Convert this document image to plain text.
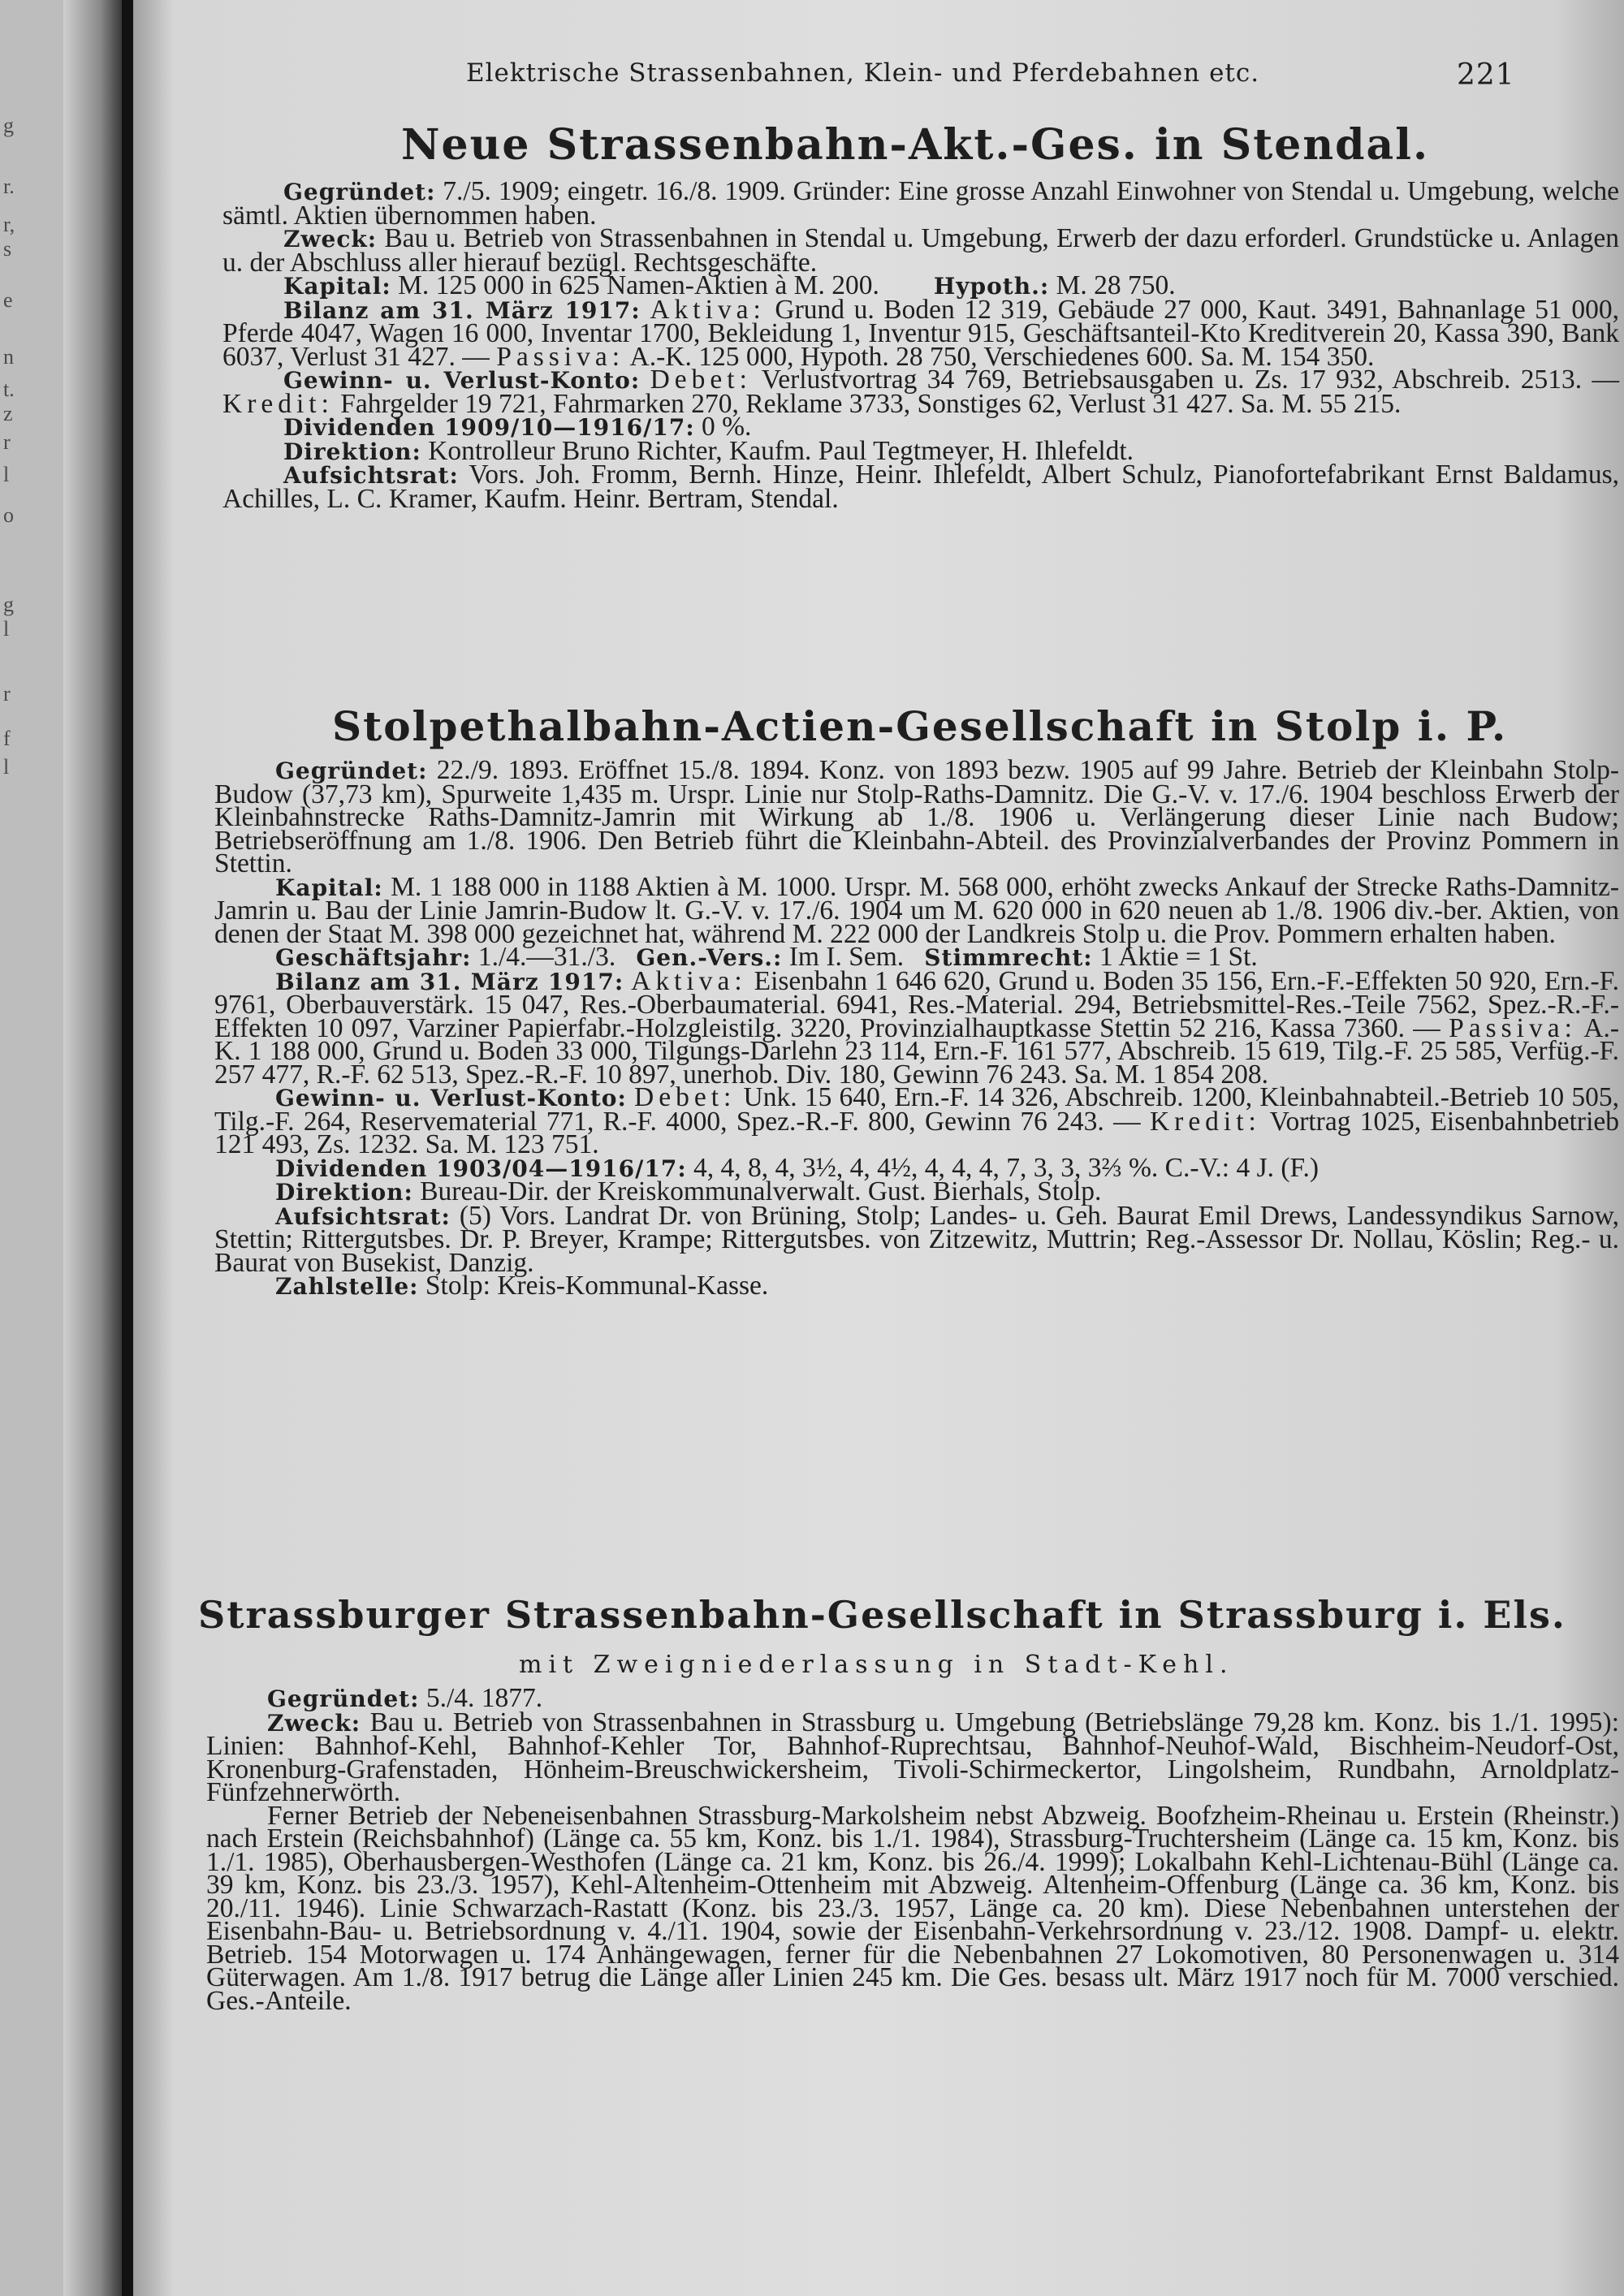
g
r.
r,
s
e
n
t.
z
r
l
o
g
l
r
f
l
Elektrische Strassenbahnen, Klein- und Pferdebahnen etc.	221
Neue Strassenbahn-Akt.-Ges. in Stendal.

Gegründet: 7./5. 1909; eingetr. 16./8. 1909. Gründer: Eine grosse Anzahl Einwohner von Stendal u. Umgebung, welche sämtl. Aktien übernommen haben.

Zweck: Bau u. Betrieb von Strassenbahnen in Stendal u. Umgebung, Erwerb der dazu erforderl. Grundstücke u. Anlagen u. der Abschluss aller hierauf bezügl. Rechtsgeschäfte.

Kapital: M. 125 000 in 625 Namen-Aktien à M. 200. Hypoth.: M. 28 750.

Bilanz am 31. März 1917: Aktiva: Grund u. Boden 12 319, Gebäude 27 000, Kaut. 3491, Bahnanlage 51 000, Pferde 4047, Wagen 16 000, Inventar 1700, Bekleidung 1, Inventur 915, Geschäftsanteil-Kto Kreditverein 20, Kassa 390, Bank 6037, Verlust 31 427. — Passiva: A.-K. 125 000, Hypoth. 28 750, Verschiedenes 600. Sa. M. 154 350.

Gewinn- u. Verlust-Konto: Debet: Verlustvortrag 34 769, Betriebsausgaben u. Zs. 17 932, Abschreib. 2513. — Kredit: Fahrgelder 19 721, Fahrmarken 270, Reklame 3733, Sonstiges 62, Verlust 31 427. Sa. M. 55 215.

Dividenden 1909/10—1916/17: 0 %.

Direktion: Kontrolleur Bruno Richter, Kaufm. Paul Tegtmeyer, H. Ihlefeldt.

Aufsichtsrat: Vors. Joh. Fromm, Bernh. Hinze, Heinr. Ihlefeldt, Albert Schulz, Pianofortefabrikant Ernst Baldamus, Achilles, L. C. Kramer, Kaufm. Heinr. Bertram, Stendal.

Stolpethalbahn-Actien-Gesellschaft in Stolp i. P.

Gegründet: 22./9. 1893. Eröffnet 15./8. 1894. Konz. von 1893 bezw. 1905 auf 99 Jahre. Betrieb der Kleinbahn Stolp-Budow (37,73 km), Spurweite 1,435 m. Urspr. Linie nur Stolp-Raths-Damnitz. Die G.-V. v. 17./6. 1904 beschloss Erwerb der Kleinbahnstrecke Raths-Damnitz-Jamrin mit Wirkung ab 1./8. 1906 u. Verlängerung dieser Linie nach Budow; Betriebseröffnung am 1./8. 1906. Den Betrieb führt die Kleinbahn-Abteil. des Provinzialverbandes der Provinz Pommern in Stettin.

Kapital: M. 1 188 000 in 1188 Aktien à M. 1000. Urspr. M. 568 000, erhöht zwecks Ankauf der Strecke Raths-Damnitz-Jamrin u. Bau der Linie Jamrin-Budow lt. G.-V. v. 17./6. 1904 um M. 620 000 in 620 neuen ab 1./8. 1906 div.-ber. Aktien, von denen der Staat M. 398 000 gezeichnet hat, während M. 222 000 der Landkreis Stolp u. die Prov. Pommern erhalten haben.

Geschäftsjahr: 1./4.—31./3. Gen.-Vers.: Im I. Sem. Stimmrecht: 1 Aktie = 1 St.

Bilanz am 31. März 1917: Aktiva: Eisenbahn 1 646 620, Grund u. Boden 35 156, Ern.-F.-Effekten 50 920, Ern.-F. 9761, Oberbauverstärk. 15 047, Res.-Oberbaumaterial. 6941, Res.-Material. 294, Betriebsmittel-Res.-Teile 7562, Spez.-R.-F.-Effekten 10 097, Varziner Papierfabr.-Holzgleistilg. 3220, Provinzialhauptkasse Stettin 52 216, Kassa 7360. — Passiva: A.-K. 1 188 000, Grund u. Boden 33 000, Tilgungs-Darlehn 23 114, Ern.-F. 161 577, Abschreib. 15 619, Tilg.-F. 25 585, Verfüg.-F. 257 477, R.-F. 62 513, Spez.-R.-F. 10 897, unerhob. Div. 180, Gewinn 76 243. Sa. M. 1 854 208.

Gewinn- u. Verlust-Konto: Debet: Unk. 15 640, Ern.-F. 14 326, Abschreib. 1200, Kleinbahnabteil.-Betrieb 10 505, Tilg.-F. 264, Reservematerial 771, R.-F. 4000, Spez.-R.-F. 800, Gewinn 76 243. — Kredit: Vortrag 1025, Eisenbahnbetrieb 121 493, Zs. 1232. Sa. M. 123 751.

Dividenden 1903/04—1916/17: 4, 4, 8, 4, 3½, 4, 4½, 4, 4, 4, 7, 3, 3, 3⅔ %. C.-V.: 4 J. (F.)

Direktion: Bureau-Dir. der Kreiskommunalverwalt. Gust. Bierhals, Stolp.

Aufsichtsrat: (5) Vors. Landrat Dr. von Brüning, Stolp; Landes- u. Geh. Baurat Emil Drews, Landessyndikus Sarnow, Stettin; Rittergutsbes. Dr. P. Breyer, Krampe; Rittergutsbes. von Zitzewitz, Muttrin; Reg.-Assessor Dr. Nollau, Köslin; Reg.- u. Baurat von Busekist, Danzig.

Zahlstelle: Stolp: Kreis-Kommunal-Kasse.

Strassburger Strassenbahn-Gesellschaft in Strassburg i. Els.
mit Zweigniederlassung in Stadt-Kehl.

Gegründet: 5./4. 1877.

Zweck: Bau u. Betrieb von Strassenbahnen in Strassburg u. Umgebung (Betriebslänge 79,28 km. Konz. bis 1./1. 1995): Linien: Bahnhof-Kehl, Bahnhof-Kehler Tor, Bahnhof-Ruprechtsau, Bahnhof-Neuhof-Wald, Bischheim-Neudorf-Ost, Kronenburg-Grafenstaden, Hönheim-Breuschwickersheim, Tivoli-Schirmeckertor, Lingolsheim, Rundbahn, Arnoldplatz-Fünfzehnerwörth.

Ferner Betrieb der Nebeneisenbahnen Strassburg-Markolsheim nebst Abzweig. Boofzheim-Rheinau u. Erstein (Rheinstr.) nach Erstein (Reichsbahnhof) (Länge ca. 55 km, Konz. bis 1./1. 1984), Strassburg-Truchtersheim (Länge ca. 15 km, Konz. bis 1./1. 1985), Oberhausbergen-Westhofen (Länge ca. 21 km, Konz. bis 26./4. 1999); Lokalbahn Kehl-Lichtenau-Bühl (Länge ca. 39 km, Konz. bis 23./3. 1957), Kehl-Altenheim-Ottenheim mit Abzweig. Altenheim-Offenburg (Länge ca. 36 km, Konz. bis 20./11. 1946). Linie Schwarzach-Rastatt (Konz. bis 23./3. 1957, Länge ca. 20 km). Diese Nebenbahnen unterstehen der Eisenbahn-Bau- u. Betriebsordnung v. 4./11. 1904, sowie der Eisenbahn-Verkehrsordnung v. 23./12. 1908. Dampf- u. elektr. Betrieb. 154 Motorwagen u. 174 Anhängewagen, ferner für die Nebenbahnen 27 Lokomotiven, 80 Personenwagen u. 314 Güterwagen. Am 1./8. 1917 betrug die Länge aller Linien 245 km. Die Ges. besass ult. März 1917 noch für M. 7000 verschied. Ges.-Anteile.
